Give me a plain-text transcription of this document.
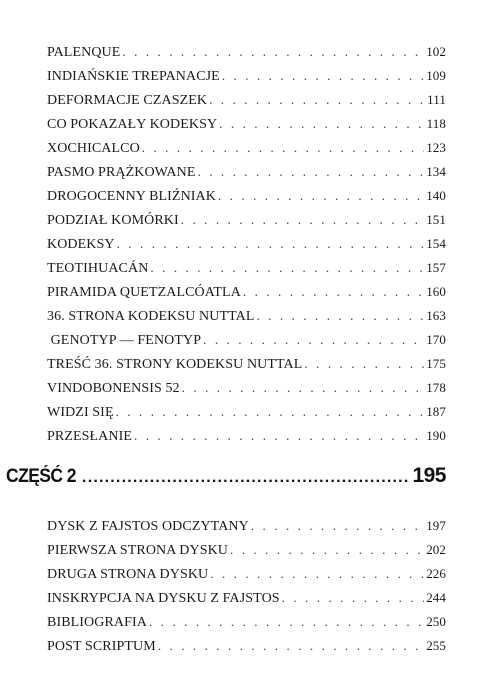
PALENQUE . . .	102
INDIAŃSKIE TREPANACJE . . .	109
DEFORMACJE CZASZEK . . .	111
CO POKAZAŁY KODEKSY . . .	118
XOCHICALCO . . .	123
PASMO PRĄŻKOWANE . . .	134
DROGOCENNY BLIŹNIAK . . .	140
PODZIAŁ KOMÓRKI . . .	151
KODEKSY . . .	154
TEOTIHUACÁN . . .	157
PIRAMIDA QUETZALCÓATLA . . .	160
36. STRONA KODEKSU NUTTAL . . .	163
GENOTYP — FENOTYP . . .	170
TREŚĆ 36. STRONY KODEKSU NUTTAL . . .	175
VINDOBONENSIS 52 . . .	178
WIDZI SIĘ . . .	187
PRZESŁANIE . . .	190
CZĘŚĆ 2 .....	195
DYSK Z FAJSTOS ODCZYTANY . . .	197
PIERWSZA STRONA DYSKU . . .	202
DRUGA STRONA DYSKU . . .	226
INSKRYPCJA NA DYSKU Z FAJSTOS . . .	244
BIBLIOGRAFIA . . .	250
POST SCRIPTUM . . .	255
